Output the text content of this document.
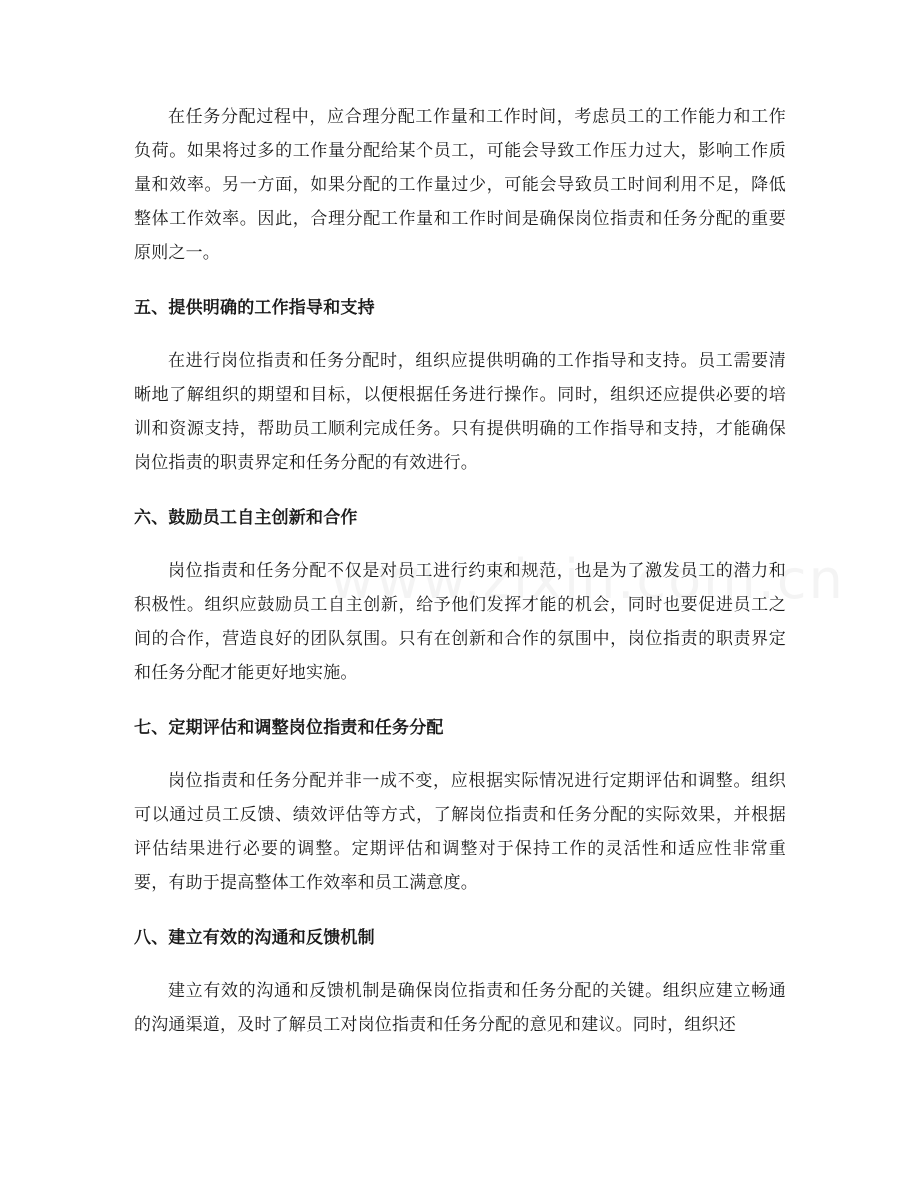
在任务分配过程中，应合理分配工作量和工作时间，考虑员工的工作能力和工作负荷。如果将过多的工作量分配给某个员工，可能会导致工作压力过大，影响工作质量和效率。另一方面，如果分配的工作量过少，可能会导致员工时间利用不足，降低整体工作效率。因此，合理分配工作量和工作时间是确保岗位指责和任务分配的重要原则之一。

五、提供明确的工作指导和支持

在进行岗位指责和任务分配时，组织应提供明确的工作指导和支持。员工需要清晰地了解组织的期望和目标，以便根据任务进行操作。同时，组织还应提供必要的培训和资源支持，帮助员工顺利完成任务。只有提供明确的工作指导和支持，才能确保岗位指责的职责界定和任务分配的有效进行。

六、鼓励员工自主创新和合作

岗位指责和任务分配不仅是对员工进行约束和规范，也是为了激发员工的潜力和积极性。组织应鼓励员工自主创新，给予他们发挥才能的机会，同时也要促进员工之间的合作，营造良好的团队氛围。只有在创新和合作的氛围中，岗位指责的职责界定和任务分配才能更好地实施。

七、定期评估和调整岗位指责和任务分配

岗位指责和任务分配并非一成不变，应根据实际情况进行定期评估和调整。组织可以通过员工反馈、绩效评估等方式，了解岗位指责和任务分配的实际效果，并根据评估结果进行必要的调整。定期评估和调整对于保持工作的灵活性和适应性非常重要，有助于提高整体工作效率和员工满意度。

八、建立有效的沟通和反馈机制

建立有效的沟通和反馈机制是确保岗位指责和任务分配的关键。组织应建立畅通的沟通渠道，及时了解员工对岗位指责和任务分配的意见和建议。同时，组织还
